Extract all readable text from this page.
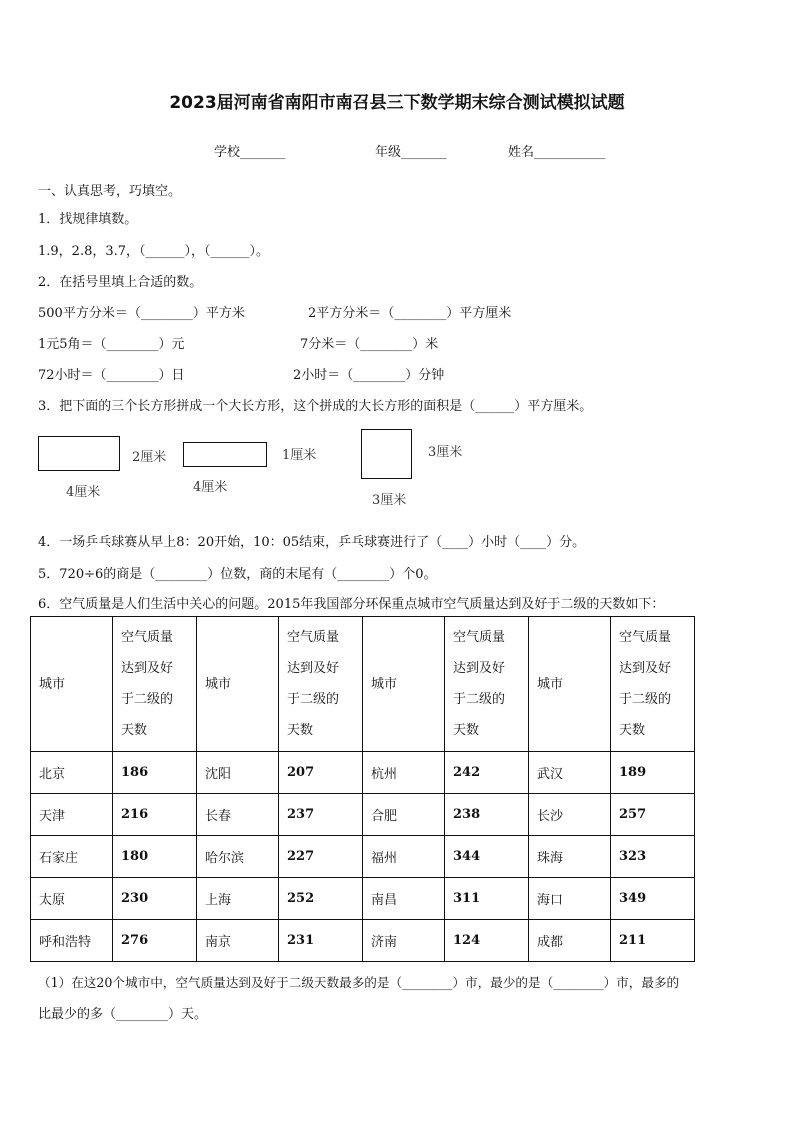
2023届河南省南阳市南召县三下数学期末综合测试模拟试题
学校_______	年级_______	姓名___________
一、认真思考，巧填空。
1．找规律填数。
1.9，2.8，3.7，（______），（______）。
2．在括号里填上合适的数。
500平方分米＝（________）平方米	2平方分米＝（________）平方厘米
1元5角＝（________）元	7分米＝（________）米
72小时＝（________）日	2小时＝（________）分钟
3．把下面的三个长方形拼成一个大长方形，这个拼成的大长方形的面积是（______）平方厘米。
2厘米
4厘米
1厘米
4厘米
3厘米
3厘米
4．一场乒乓球赛从早上8：20开始，10：05结束，乒乓球赛进行了（____）小时（____）分。
5．720÷6的商是（________）位数，商的末尾有（________）个0。
6．空气质量是人们生活中关心的问题。2015年我国部分环保重点城市空气质量达到及好于二级的天数如下：
城市	空气质量
达到及好
于二级的
天数	城市	空气质量
达到及好
于二级的
天数	城市	空气质量
达到及好
于二级的
天数	城市	空气质量
达到及好
于二级的
天数
北京	186	沈阳	207	杭州	242	武汉	189
天津	216	长春	237	合肥	238	长沙	257
石家庄	180	哈尔滨	227	福州	344	珠海	323
太原	230	上海	252	南昌	311	海口	349
呼和浩特	276	南京	231	济南	124	成都	211
（1）在这20个城市中，空气质量达到及好于二级天数最多的是（________）市，最少的是（________）市，最多的
比最少的多（________）天。
